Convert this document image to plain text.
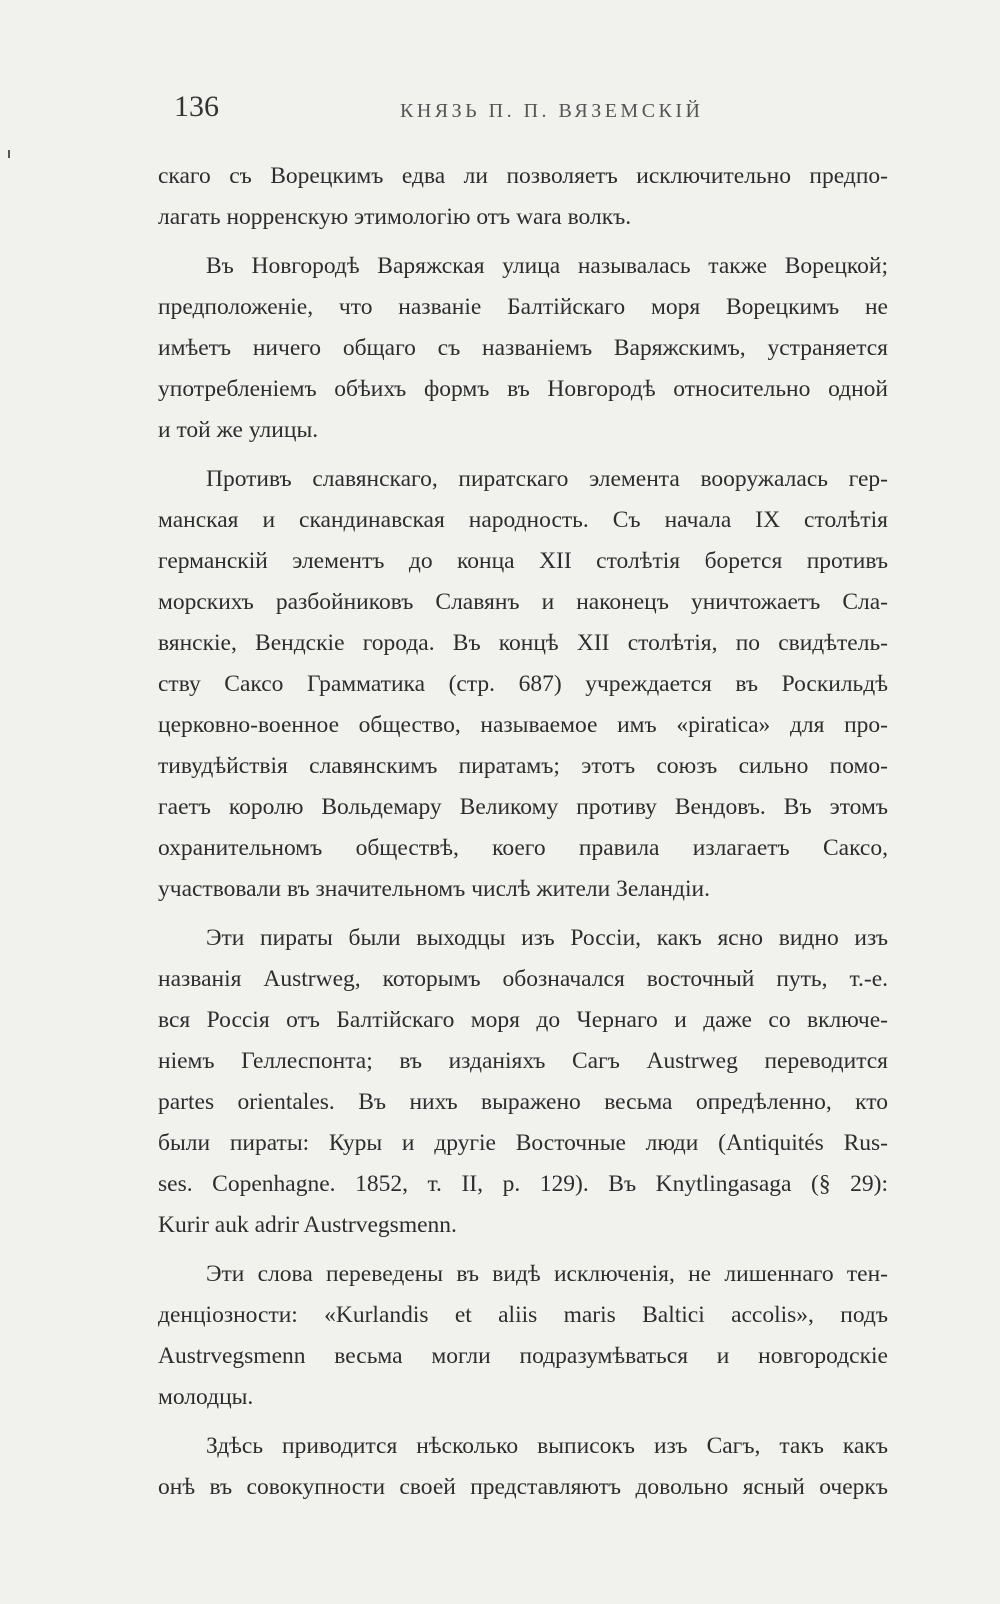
136	КНЯЗЬ П. П. ВЯЗЕМСКІЙ
скаго съ Ворецкимъ едва ли позволяетъ исключительно предпо-
лагать норренскую этимологію отъ wara волкъ.
Въ Новгородѣ Варяжская улица называлась также Ворецкой;
предположеніе, что названіе Балтійскаго моря Ворецкимъ не
имѣетъ ничего общаго съ названіемъ Варяжскимъ, устраняется
употребленіемъ обѣихъ формъ въ Новгородѣ относительно одной
и той же улицы.
Противъ славянскаго, пиратскаго элемента вооружалась гер-
манская и скандинавская народность. Съ начала IX столѣтія
германскій элементъ до конца XII столѣтія борется противъ
морскихъ разбойниковъ Славянъ и наконецъ уничтожаетъ Сла-
вянскіе, Вендскіе города. Въ концѣ XII столѣтія, по свидѣтель-
ству Саксо Грамматика (стр. 687) учреждается въ Роскильдѣ
церковно-военное общество, называемое имъ «piratica» для про-
тивудѣйствія славянскимъ пиратамъ; этотъ союзъ сильно помо-
гаетъ королю Вольдемару Великому противу Вендовъ. Въ этомъ
охранительномъ обществѣ, коего правила излагаетъ Саксо,
участвовали въ значительномъ числѣ жители Зеландіи.
Эти пираты были выходцы изъ Россіи, какъ ясно видно изъ
названія Austrweg, которымъ обозначался восточный путь, т.-е.
вся Россія отъ Балтійскаго моря до Чернаго и даже со включе-
ніемъ Геллеспонта; въ изданіяхъ Сагъ Austrweg переводится
partes orientales. Въ нихъ выражено весьма опредѣленно, кто
были пираты: Куры и другіе Восточные люди (Antiquités Rus-
ses. Copenhagne. 1852, т. II, p. 129). Въ Knytlingasaga (§ 29):
Kurir auk adrir Austrvegsmenn.
Эти слова переведены въ видѣ исключенія, не лишеннаго тен-
денціозности: «Kurlandis et aliis maris Baltici accolis», подъ
Austrvegsmenn весьма могли подразумѣваться и новгородскіе
молодцы.
Здѣсь приводится нѣсколько выписокъ изъ Сагъ, такъ какъ
онѣ въ совокупности своей представляютъ довольно ясный очеркъ
